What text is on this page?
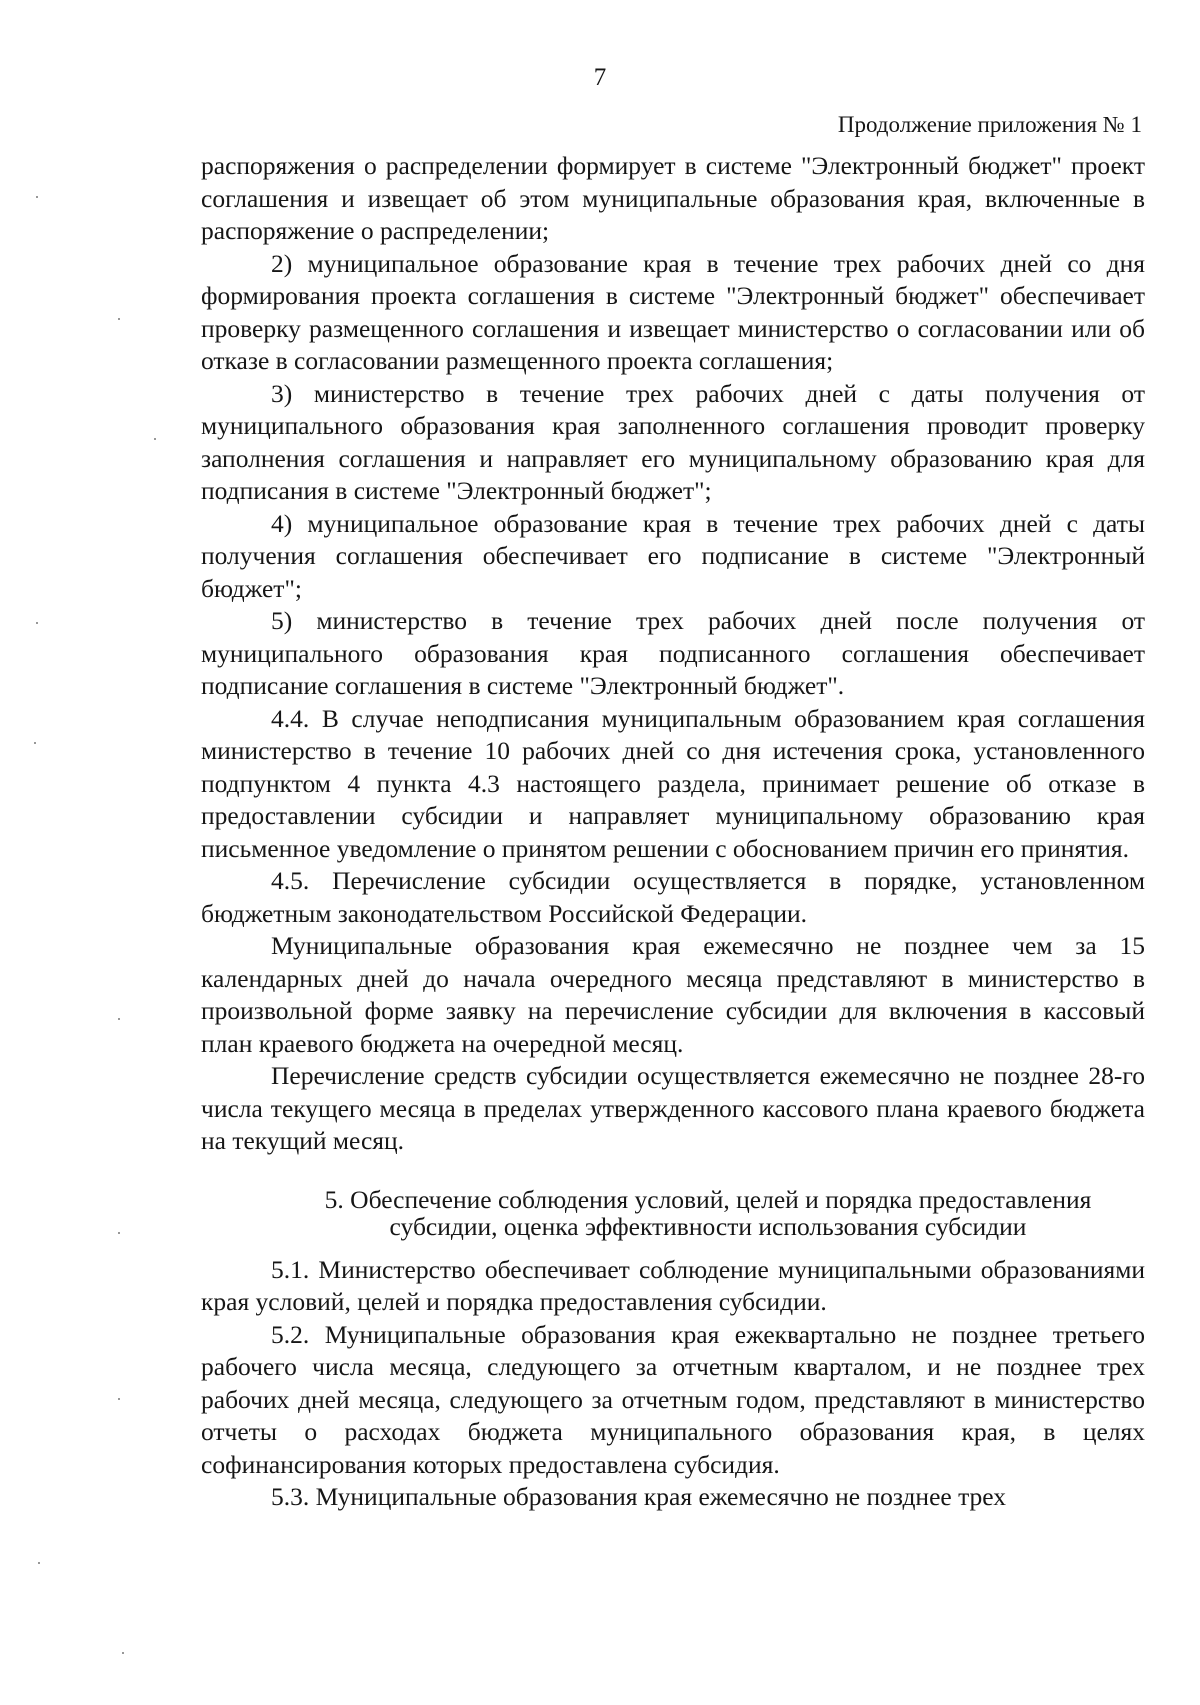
7
Продолжение приложения № 1

распоряжения о распределении формирует в системе "Электронный бюджет" проект соглашения и извещает об этом муниципальные образования края, включенные в распоряжение о распределении;

2) муниципальное образование края в течение трех рабочих дней со дня формирования проекта соглашения в системе "Электронный бюджет" обеспечивает проверку размещенного соглашения и извещает министерство о согласовании или об отказе в согласовании размещенного проекта соглашения;

3) министерство в течение трех рабочих дней с даты получения от муниципального образования края заполненного соглашения проводит проверку заполнения соглашения и направляет его муниципальному образованию края для подписания в системе "Электронный бюджет";

4) муниципальное образование края в течение трех рабочих дней с даты получения соглашения обеспечивает его подписание в системе "Электронный бюджет";

5) министерство в течение трех рабочих дней после получения от муниципального образования края подписанного соглашения обеспечивает подписание соглашения в системе "Электронный бюджет".

4.4. В случае неподписания муниципальным образованием края соглашения министерство в течение 10 рабочих дней со дня истечения срока, установленного подпунктом 4 пункта 4.3 настоящего раздела, принимает решение об отказе в предоставлении субсидии и направляет муниципальному образованию края письменное уведомление о принятом решении с обоснованием причин его принятия.

4.5. Перечисление субсидии осуществляется в порядке, установленном бюджетным законодательством Российской Федерации.

Муниципальные образования края ежемесячно не позднее чем за 15 календарных дней до начала очередного месяца представляют в министерство в произвольной форме заявку на перечисление субсидии для включения в кассовый план краевого бюджета на очередной месяц.

Перечисление средств субсидии осуществляется ежемесячно не позднее 28-го числа текущего месяца в пределах утвержденного кассового плана краевого бюджета на текущий месяц.

5. Обеспечение соблюдения условий, целей и порядка предоставления
субсидии, оценка эффективности использования субсидии

5.1. Министерство обеспечивает соблюдение муниципальными образованиями края условий, целей и порядка предоставления субсидии.

5.2. Муниципальные образования края ежеквартально не позднее третьего рабочего числа месяца, следующего за отчетным кварталом, и не позднее трех рабочих дней месяца, следующего за отчетным годом, представляют в министерство отчеты о расходах бюджета муниципального образования края, в целях софинансирования которых предоставлена субсидия.

5.3. Муниципальные образования края ежемесячно не позднее трех
